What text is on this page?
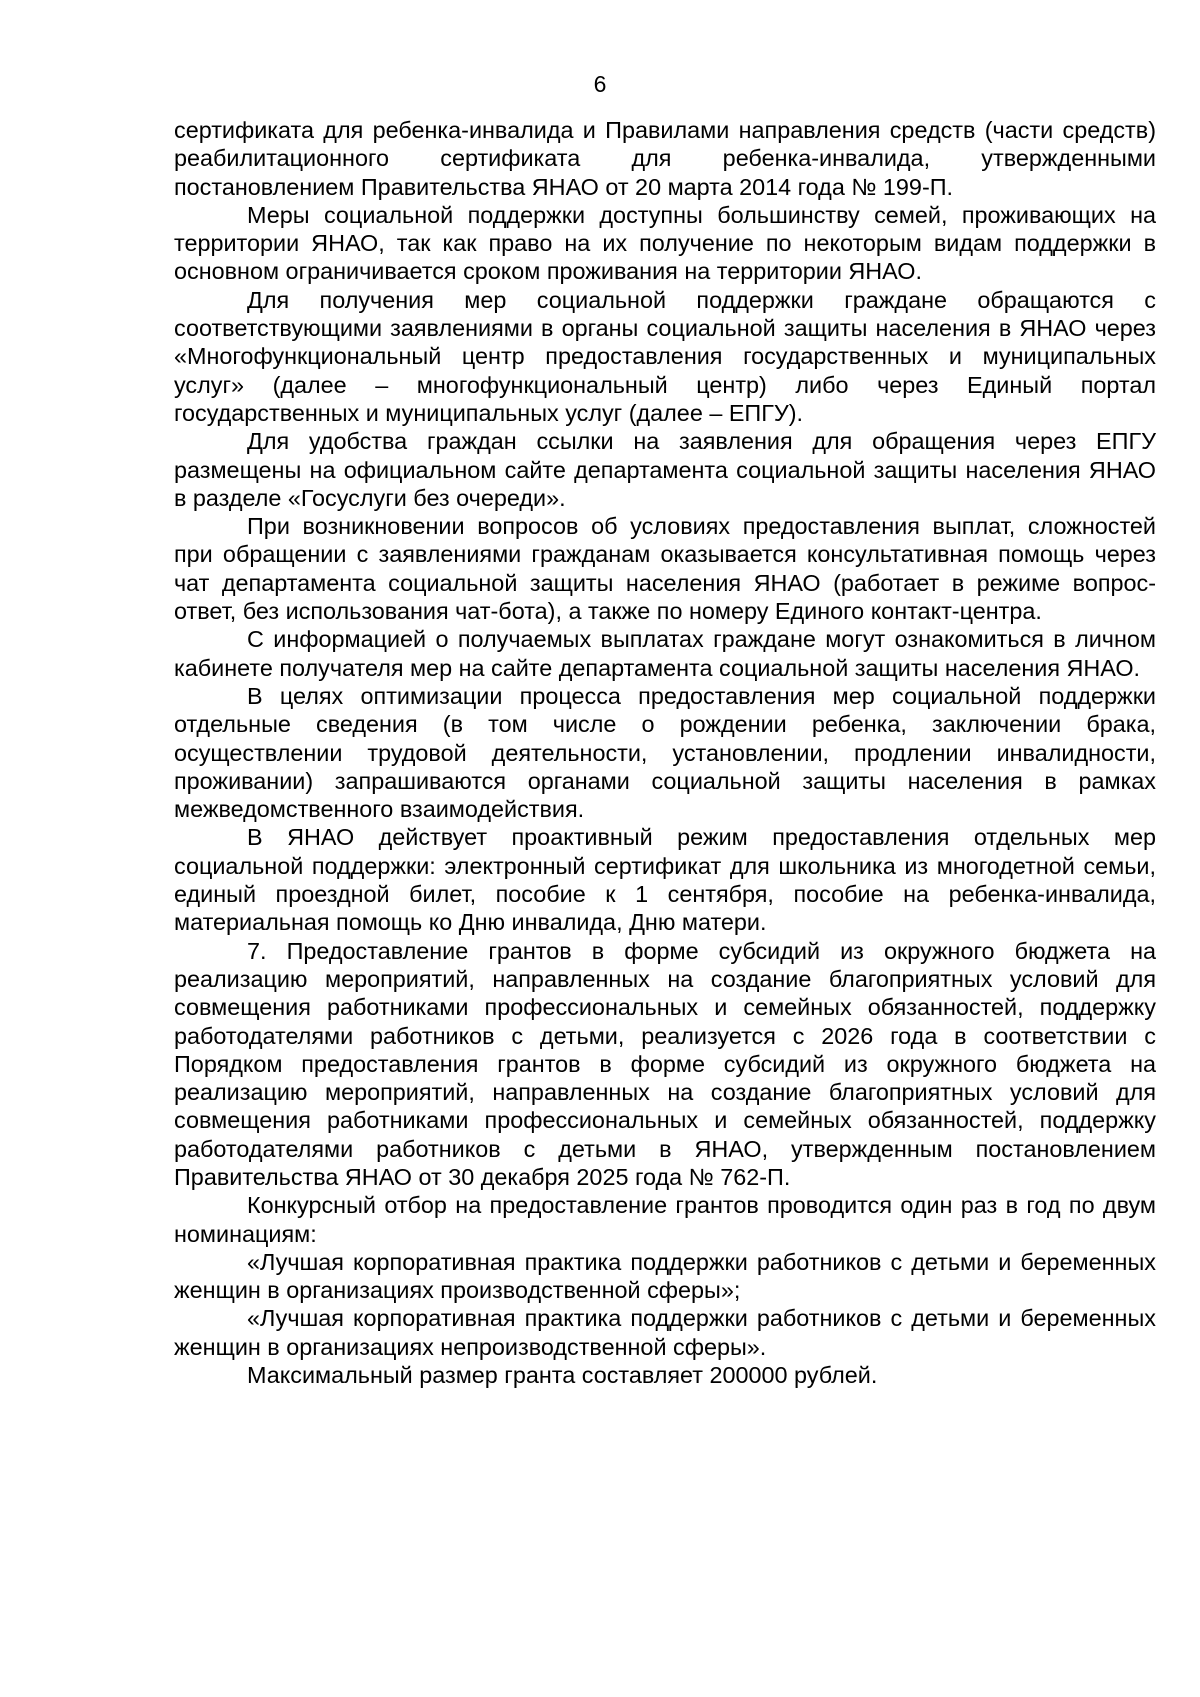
6

сертификата для ребенка-инвалида и Правилами направления средств (части средств) реабилитационного сертификата для ребенка-инвалида, утвержденными постановлением Правительства ЯНАО от 20 марта 2014 года № 199-П.

Меры социальной поддержки доступны большинству семей, проживающих на территории ЯНАО, так как право на их получение по некоторым видам поддержки в основном ограничивается сроком проживания на территории ЯНАО.

Для получения мер социальной поддержки граждане обращаются с соответствующими заявлениями в органы социальной защиты населения в ЯНАО через «Многофункциональный центр предоставления государственных и муниципальных услуг» (далее – многофункциональный центр) либо через Единый портал государственных и муниципальных услуг (далее – ЕПГУ).

Для удобства граждан ссылки на заявления для обращения через ЕПГУ размещены на официальном сайте департамента социальной защиты населения ЯНАО в разделе «Госуслуги без очереди».

При возникновении вопросов об условиях предоставления выплат, сложностей при обращении с заявлениями гражданам оказывается консультативная помощь через чат департамента социальной защиты населения ЯНАО (работает в режиме вопрос-ответ, без использования чат-бота), а также по номеру Единого контакт-центра.

С информацией о получаемых выплатах граждане могут ознакомиться в личном кабинете получателя мер на сайте департамента социальной защиты населения ЯНАО.

В целях оптимизации процесса предоставления мер социальной поддержки отдельные сведения (в том числе о рождении ребенка, заключении брака, осуществлении трудовой деятельности, установлении, продлении инвалидности, проживании) запрашиваются органами социальной защиты населения в рамках межведомственного взаимодействия.

В ЯНАО действует проактивный режим предоставления отдельных мер социальной поддержки: электронный сертификат для школьника из многодетной семьи, единый проездной билет, пособие к 1 сентября, пособие на ребенка-инвалида, материальная помощь ко Дню инвалида, Дню матери.

7. Предоставление грантов в форме субсидий из окружного бюджета на реализацию мероприятий, направленных на создание благоприятных условий для совмещения работниками профессиональных и семейных обязанностей, поддержку работодателями работников с детьми, реализуется с 2026 года в соответствии с Порядком предоставления грантов в форме субсидий из окружного бюджета на реализацию мероприятий, направленных на создание благоприятных условий для совмещения работниками профессиональных и семейных обязанностей, поддержку работодателями работников с детьми в ЯНАО, утвержденным постановлением Правительства ЯНАО от 30 декабря 2025 года № 762-П.

Конкурсный отбор на предоставление грантов проводится один раз в год по двум номинациям:

«Лучшая корпоративная практика поддержки работников с детьми и беременных женщин в организациях производственной сферы»;

«Лучшая корпоративная практика поддержки работников с детьми и беременных женщин в организациях непроизводственной сферы».

Максимальный размер гранта составляет 200000 рублей.
